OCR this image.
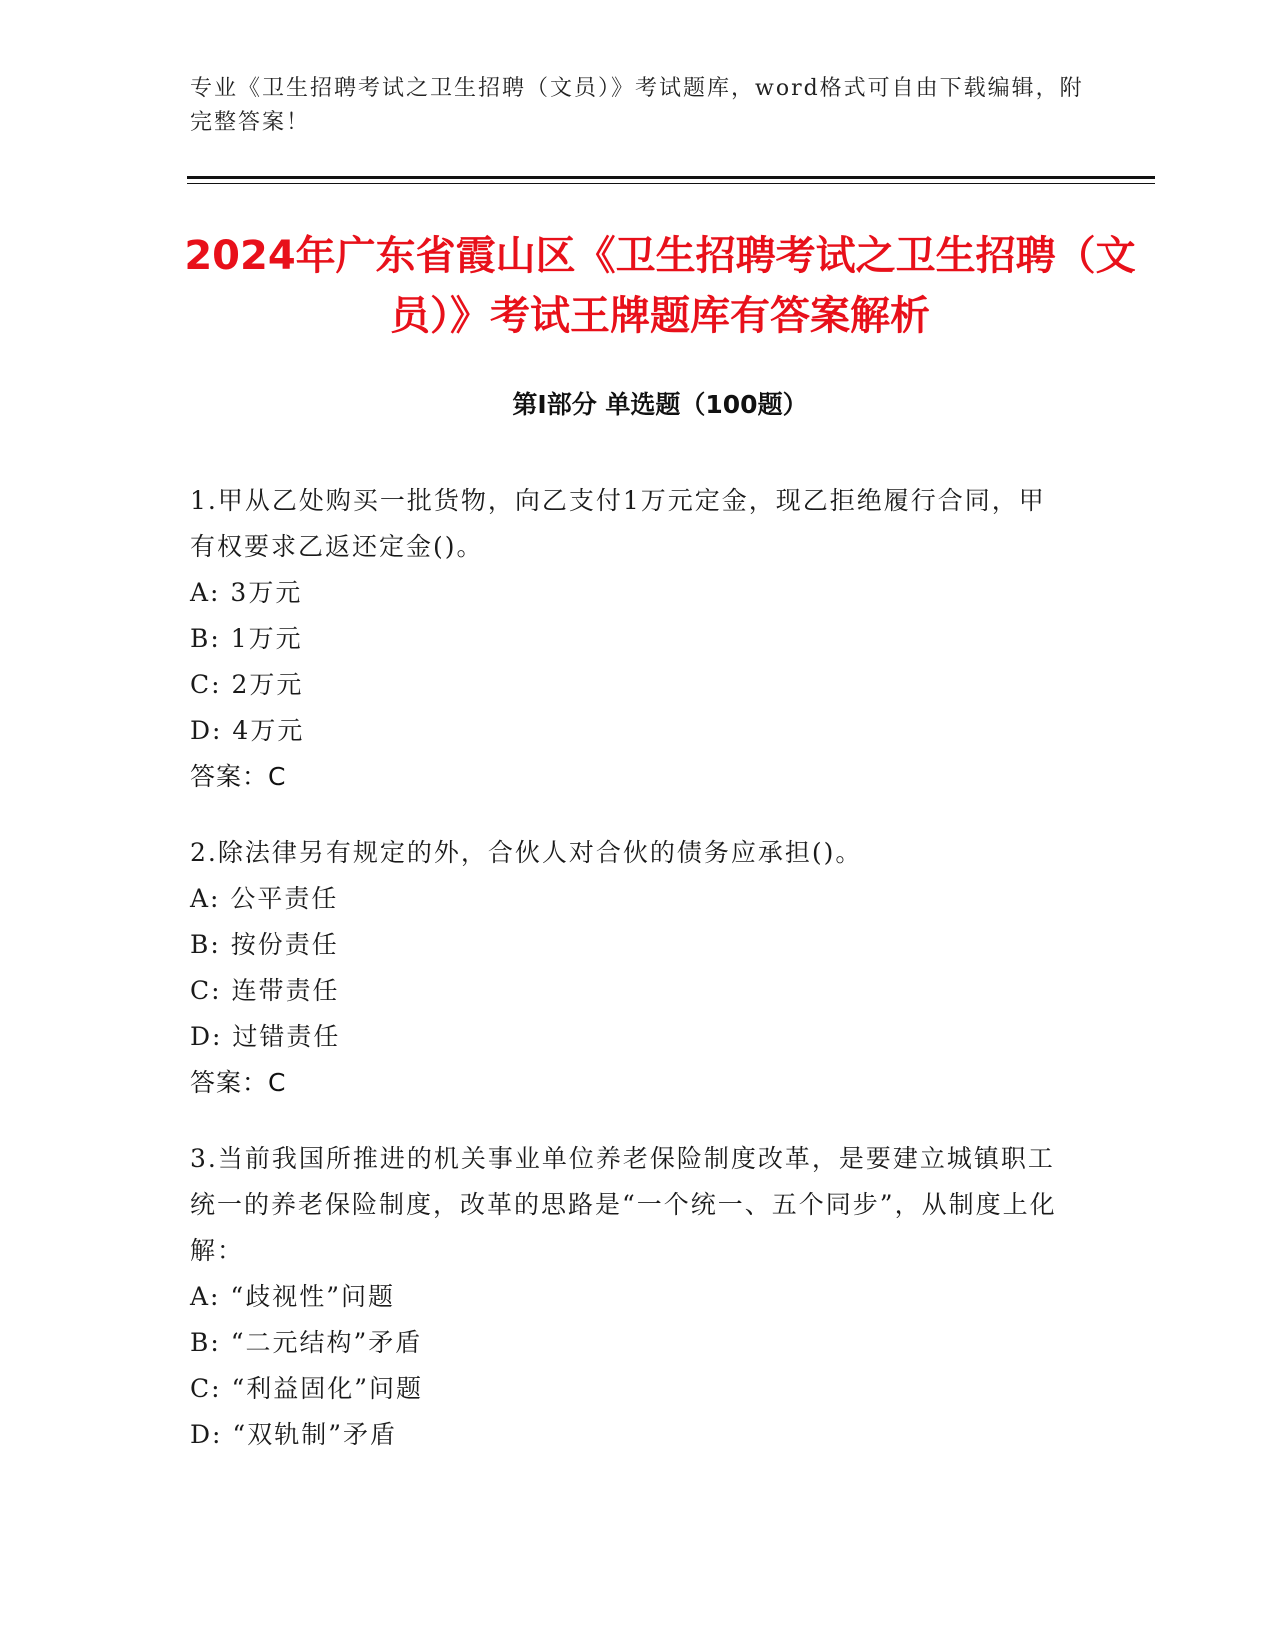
专业《卫生招聘考试之卫生招聘（文员）》考试题库，word格式可自由下载编辑，附完整答案！
2024年广东省霞山区《卫生招聘考试之卫生招聘（文员）》考试王牌题库有答案解析
第Ⅰ部分 单选题（100题）
1.甲从乙处购买一批货物，向乙支付1万元定金，现乙拒绝履行合同，甲有权要求乙返还定金()。
A: 3万元
B: 1万元
C: 2万元
D: 4万元
答案：C
2.除法律另有规定的外，合伙人对合伙的债务应承担()。
A: 公平责任
B: 按份责任
C: 连带责任
D: 过错责任
答案：C
3.当前我国所推进的机关事业单位养老保险制度改革，是要建立城镇职工统一的养老保险制度，改革的思路是“一个统一、五个同步”，从制度上化解：
A: “歧视性”问题
B: “二元结构”矛盾
C: “利益固化”问题
D: “双轨制”矛盾
